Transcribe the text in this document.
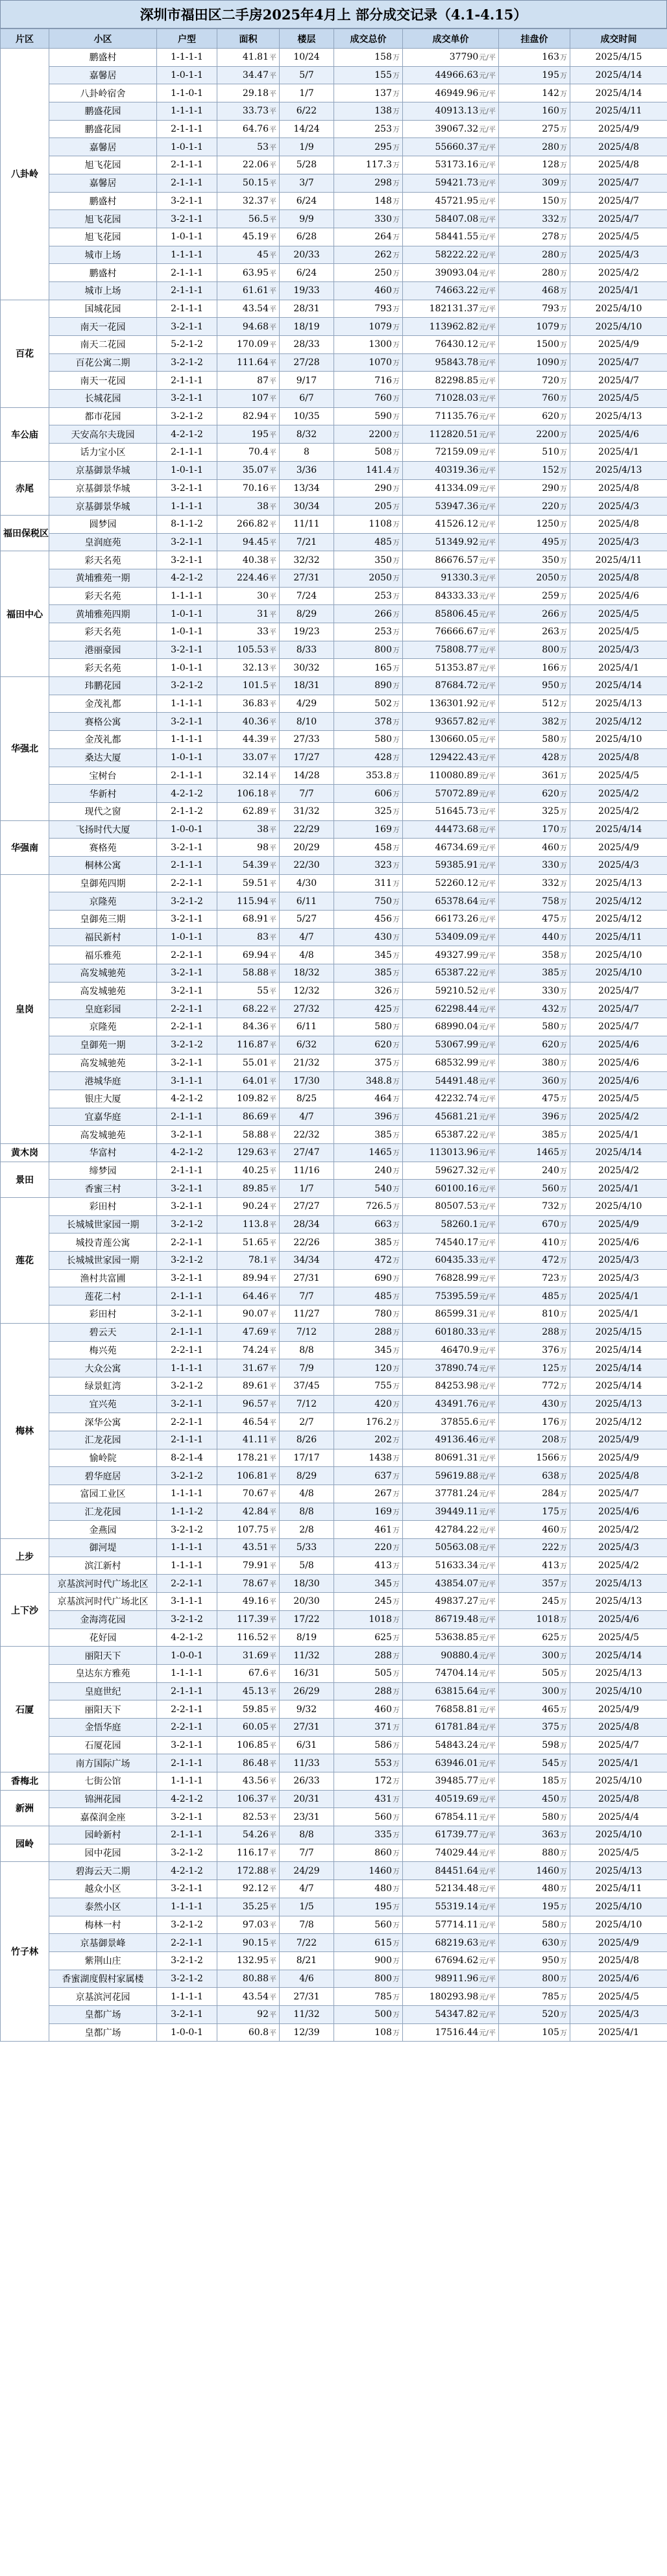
深圳市福田区二手房2025年4月上 部分成交记录（4.1-4.15）
片区	小区	户型	面积	楼层	成交总价	成交单价	挂盘价	成交时间
八卦岭	鹏盛村	1-1-1-1	41.81平	10/24	158万	37790元/平	163万	2025/4/15
	嘉馨居	1-0-1-1	34.47平	5/7	155万	44966.63元/平	195万	2025/4/14
	八卦岭宿舍	1-1-0-1	29.18平	1/7	137万	46949.96元/平	142万	2025/4/14
	鹏盛花园	1-1-1-1	33.73平	6/22	138万	40913.13元/平	160万	2025/4/11
	鹏盛花园	2-1-1-1	64.76平	14/24	253万	39067.32元/平	275万	2025/4/9
	嘉馨居	1-0-1-1	53平	1/9	295万	55660.37元/平	280万	2025/4/8
	旭飞花园	2-1-1-1	22.06平	5/28	117.3万	53173.16元/平	128万	2025/4/8
	嘉馨居	2-1-1-1	50.15平	3/7	298万	59421.73元/平	309万	2025/4/7
	鹏盛村	3-2-1-1	32.37平	6/24	148万	45721.95元/平	150万	2025/4/7
	旭飞花园	3-2-1-1	56.5平	9/9	330万	58407.08元/平	332万	2025/4/7
	旭飞花园	1-0-1-1	45.19平	6/28	264万	58441.55元/平	278万	2025/4/5
	城市上场	1-1-1-1	45平	20/33	262万	58222.22元/平	280万	2025/4/3
	鹏盛村	2-1-1-1	63.95平	6/24	250万	39093.04元/平	280万	2025/4/2
	城市上场	2-1-1-1	61.61平	19/33	460万	74663.22元/平	468万	2025/4/1
百花	国城花园	2-1-1-1	43.54平	28/31	793万	182131.37元/平	793万	2025/4/10
	南天一花园	3-2-1-1	94.68平	18/19	1079万	113962.82元/平	1079万	2025/4/10
	南天二花园	5-2-1-2	170.09平	28/33	1300万	76430.12元/平	1500万	2025/4/9
	百花公寓二期	3-2-1-2	111.64平	27/28	1070万	95843.78元/平	1090万	2025/4/7
	南天一花园	2-1-1-1	87平	9/17	716万	82298.85元/平	720万	2025/4/7
	长城花园	3-2-1-1	107平	6/7	760万	71028.03元/平	760万	2025/4/5
车公庙	都市花园	3-2-1-2	82.94平	10/35	590万	71135.76元/平	620万	2025/4/13
	天安高尔夫珑园	4-2-1-2	195平	8/32	2200万	112820.51元/平	2200万	2025/4/6
	话力宝小区	2-1-1-1	70.4平	8	508万	72159.09元/平	510万	2025/4/1
赤尾	京基御景华城	1-0-1-1	35.07平	3/36	141.4万	40319.36元/平	152万	2025/4/13
	京基御景华城	3-2-1-1	70.16平	13/34	290万	41334.09元/平	290万	2025/4/8
	京基御景华城	1-1-1-1	38平	30/34	205万	53947.36元/平	220万	2025/4/3
福田保税区	圆梦园	8-1-1-2	266.82平	11/11	1108万	41526.12元/平	1250万	2025/4/8
	皇润庭苑	3-2-1-1	94.45平	7/21	485万	51349.92元/平	495万	2025/4/3
福田中心	彩天名苑	3-2-1-1	40.38平	32/32	350万	86676.57元/平	350万	2025/4/11
	黄埔雅苑一期	4-2-1-2	224.46平	27/31	2050万	91330.3元/平	2050万	2025/4/8
	彩天名苑	1-1-1-1	30平	7/24	253万	84333.33元/平	259万	2025/4/6
	黄埔雅苑四期	1-0-1-1	31平	8/29	266万	85806.45元/平	266万	2025/4/5
	彩天名苑	1-0-1-1	33平	19/23	253万	76666.67元/平	263万	2025/4/5
	港丽豪园	3-2-1-1	105.53平	8/33	800万	75808.77元/平	800万	2025/4/3
	彩天名苑	1-0-1-1	32.13平	30/32	165万	51353.87元/平	166万	2025/4/1
华强北	玮鹏花园	3-2-1-2	101.5平	18/31	890万	87684.72元/平	950万	2025/4/14
	金茂礼都	1-1-1-1	36.83平	4/29	502万	136301.92元/平	512万	2025/4/13
	赛格公寓	3-2-1-1	40.36平	8/10	378万	93657.82元/平	382万	2025/4/12
	金茂礼都	1-1-1-1	44.39平	27/33	580万	130660.05元/平	580万	2025/4/10
	桑达大厦	1-0-1-1	33.07平	17/27	428万	129422.43元/平	428万	2025/4/8
	宝树台	2-1-1-1	32.14平	14/28	353.8万	110080.89元/平	361万	2025/4/5
	华新村	4-2-1-2	106.18平	7/7	606万	57072.89元/平	620万	2025/4/2
	现代之窗	2-1-1-2	62.89平	31/32	325万	51645.73元/平	325万	2025/4/2
华强南	飞扬时代大厦	1-0-0-1	38平	22/29	169万	44473.68元/平	170万	2025/4/14
	赛格苑	3-2-1-1	98平	20/29	458万	46734.69元/平	460万	2025/4/9
	桐林公寓	2-1-1-1	54.39平	22/30	323万	59385.91元/平	330万	2025/4/3
皇岗	皇御苑四期	2-2-1-1	59.51平	4/30	311万	52260.12元/平	332万	2025/4/13
	京隆苑	3-2-1-2	115.94平	6/11	750万	65378.64元/平	758万	2025/4/12
	皇御苑三期	3-2-1-1	68.91平	5/27	456万	66173.26元/平	475万	2025/4/12
	福民新村	1-0-1-1	83平	4/7	430万	53409.09元/平	440万	2025/4/11
	福乐雅苑	2-2-1-1	69.94平	4/8	345万	49327.99元/平	358万	2025/4/10
	高发城驰苑	3-2-1-1	58.88平	18/32	385万	65387.22元/平	385万	2025/4/10
	高发城驰苑	3-2-1-1	55平	12/32	326万	59210.52元/平	330万	2025/4/7
	皇庭彩园	2-2-1-1	68.22平	27/32	425万	62298.44元/平	432万	2025/4/7
	京隆苑	2-2-1-1	84.36平	6/11	580万	68990.04元/平	580万	2025/4/7
	皇御苑一期	3-2-1-2	116.87平	6/32	620万	53067.99元/平	620万	2025/4/6
	高发城驰苑	3-2-1-1	55.01平	21/32	375万	68532.99元/平	380万	2025/4/6
	港城华庭	3-1-1-1	64.01平	17/30	348.8万	54491.48元/平	360万	2025/4/6
	银庄大厦	4-2-1-2	109.82平	8/25	464万	42232.74元/平	475万	2025/4/5
	宜嘉华庭	2-1-1-1	86.69平	4/7	396万	45681.21元/平	396万	2025/4/2
	高发城驰苑	3-2-1-1	58.88平	22/32	385万	65387.22元/平	385万	2025/4/1
黄木岗	华富村	4-2-1-2	129.63平	27/47	1465万	113013.96元/平	1465万	2025/4/14
景田	缔梦园	2-1-1-1	40.25平	11/16	240万	59627.32元/平	240万	2025/4/2
	香蜜三村	3-2-1-1	89.85平	1/7	540万	60100.16元/平	560万	2025/4/1
莲花	彩田村	3-2-1-1	90.24平	27/27	726.5万	80507.53元/平	732万	2025/4/10
	长城城世家园一期	3-2-1-2	113.8平	28/34	663万	58260.1元/平	670万	2025/4/9
	城投青莲公寓	2-2-1-1	51.65平	22/26	385万	74540.17元/平	410万	2025/4/6
	长城城世家园一期	3-2-1-2	78.1平	34/34	472万	60435.33元/平	472万	2025/4/3
	渔村共富圃	3-2-1-1	89.94平	27/31	690万	76828.99元/平	723万	2025/4/3
	莲花二村	2-1-1-1	64.46平	7/7	485万	75395.59元/平	485万	2025/4/1
	彩田村	3-2-1-1	90.07平	11/27	780万	86599.31元/平	810万	2025/4/1
梅林	碧云天	2-1-1-1	47.69平	7/12	288万	60180.33元/平	288万	2025/4/15
	梅兴苑	2-2-1-1	74.24平	8/8	345万	46470.9元/平	376万	2025/4/14
	大众公寓	1-1-1-1	31.67平	7/9	120万	37890.74元/平	125万	2025/4/14
	绿景虹湾	3-2-1-2	89.61平	37/45	755万	84253.98元/平	772万	2025/4/14
	宜兴苑	3-2-1-1	96.57平	7/12	420万	43491.76元/平	430万	2025/4/13
	深华公寓	2-2-1-1	46.54平	2/7	176.2万	37855.6元/平	176万	2025/4/12
	汇龙花园	2-1-1-1	41.11平	8/26	202万	49136.46元/平	208万	2025/4/9
	愉岭院	8-2-1-4	178.21平	17/17	1438万	80691.31元/平	1566万	2025/4/9
	碧华庭居	3-2-1-2	106.81平	8/29	637万	59619.88元/平	638万	2025/4/8
	富园工业区	1-1-1-1	70.67平	4/8	267万	37781.24元/平	284万	2025/4/7
	汇龙花园	1-1-1-2	42.84平	8/8	169万	39449.11元/平	175万	2025/4/6
	金燕园	3-2-1-2	107.75平	2/8	461万	42784.22元/平	460万	2025/4/2
上步	御河堤	1-1-1-1	43.51平	5/33	220万	50563.08元/平	222万	2025/4/3
	滨江新村	1-1-1-1	79.91平	5/8	413万	51633.34元/平	413万	2025/4/2
上下沙	京基滨河时代广场北区	2-2-1-1	78.67平	18/30	345万	43854.07元/平	357万	2025/4/13
	京基滨河时代广场北区	3-1-1-1	49.16平	20/30	245万	49837.27元/平	245万	2025/4/13
	金海湾花园	3-2-1-2	117.39平	17/22	1018万	86719.48元/平	1018万	2025/4/6
	花好园	4-2-1-2	116.52平	8/19	625万	53638.85元/平	625万	2025/4/5
石厦	丽阳天下	1-0-0-1	31.69平	11/32	288万	90880.4元/平	300万	2025/4/14
	皇达东方雅苑	1-1-1-1	67.6平	16/31	505万	74704.14元/平	505万	2025/4/13
	皇庭世纪	2-1-1-1	45.13平	26/29	288万	63815.64元/平	300万	2025/4/10
	丽阳天下	2-2-1-1	59.85平	9/32	460万	76858.81元/平	465万	2025/4/9
	金悟华庭	2-2-1-1	60.05平	27/31	371万	61781.84元/平	375万	2025/4/8
	石厦花园	3-2-1-1	106.85平	6/31	586万	54843.24元/平	598万	2025/4/7
	南方国际广场	2-1-1-1	86.48平	11/33	553万	63946.01元/平	545万	2025/4/1
香梅北	七街公馆	1-1-1-1	43.56平	26/33	172万	39485.77元/平	185万	2025/4/10
新洲	锦洲花园	4-2-1-2	106.37平	20/31	431万	40519.69元/平	450万	2025/4/8
	嘉葆润金座	3-2-1-1	82.53平	23/31	560万	67854.11元/平	580万	2025/4/4
园岭	园岭新村	2-1-1-1	54.26平	8/8	335万	61739.77元/平	363万	2025/4/10
	园中花园	3-2-1-2	116.17平	7/7	860万	74029.44元/平	880万	2025/4/5
竹子林	碧海云天二期	4-2-1-2	172.88平	24/29	1460万	84451.64元/平	1460万	2025/4/13
	越众小区	3-2-1-1	92.12平	4/7	480万	52134.48元/平	480万	2025/4/11
	泰然小区	1-1-1-1	35.25平	1/5	195万	55319.14元/平	195万	2025/4/10
	梅林一村	3-2-1-2	97.03平	7/8	560万	57714.11元/平	580万	2025/4/10
	京基御景峰	2-2-1-1	90.15平	7/22	615万	68219.63元/平	630万	2025/4/9
	紫荆山庄	3-2-1-2	132.95平	8/21	900万	67694.62元/平	950万	2025/4/8
	香蜜湖度假村家属楼	3-2-1-2	80.88平	4/6	800万	98911.96元/平	800万	2025/4/6
	京基滨河花园	1-1-1-1	43.54平	27/31	785万	180293.98元/平	785万	2025/4/5
	皇都广场	3-2-1-1	92平	11/32	500万	54347.82元/平	520万	2025/4/3
	皇都广场	1-0-0-1	60.8平	12/39	108万	17516.44元/平	105万	2025/4/1
